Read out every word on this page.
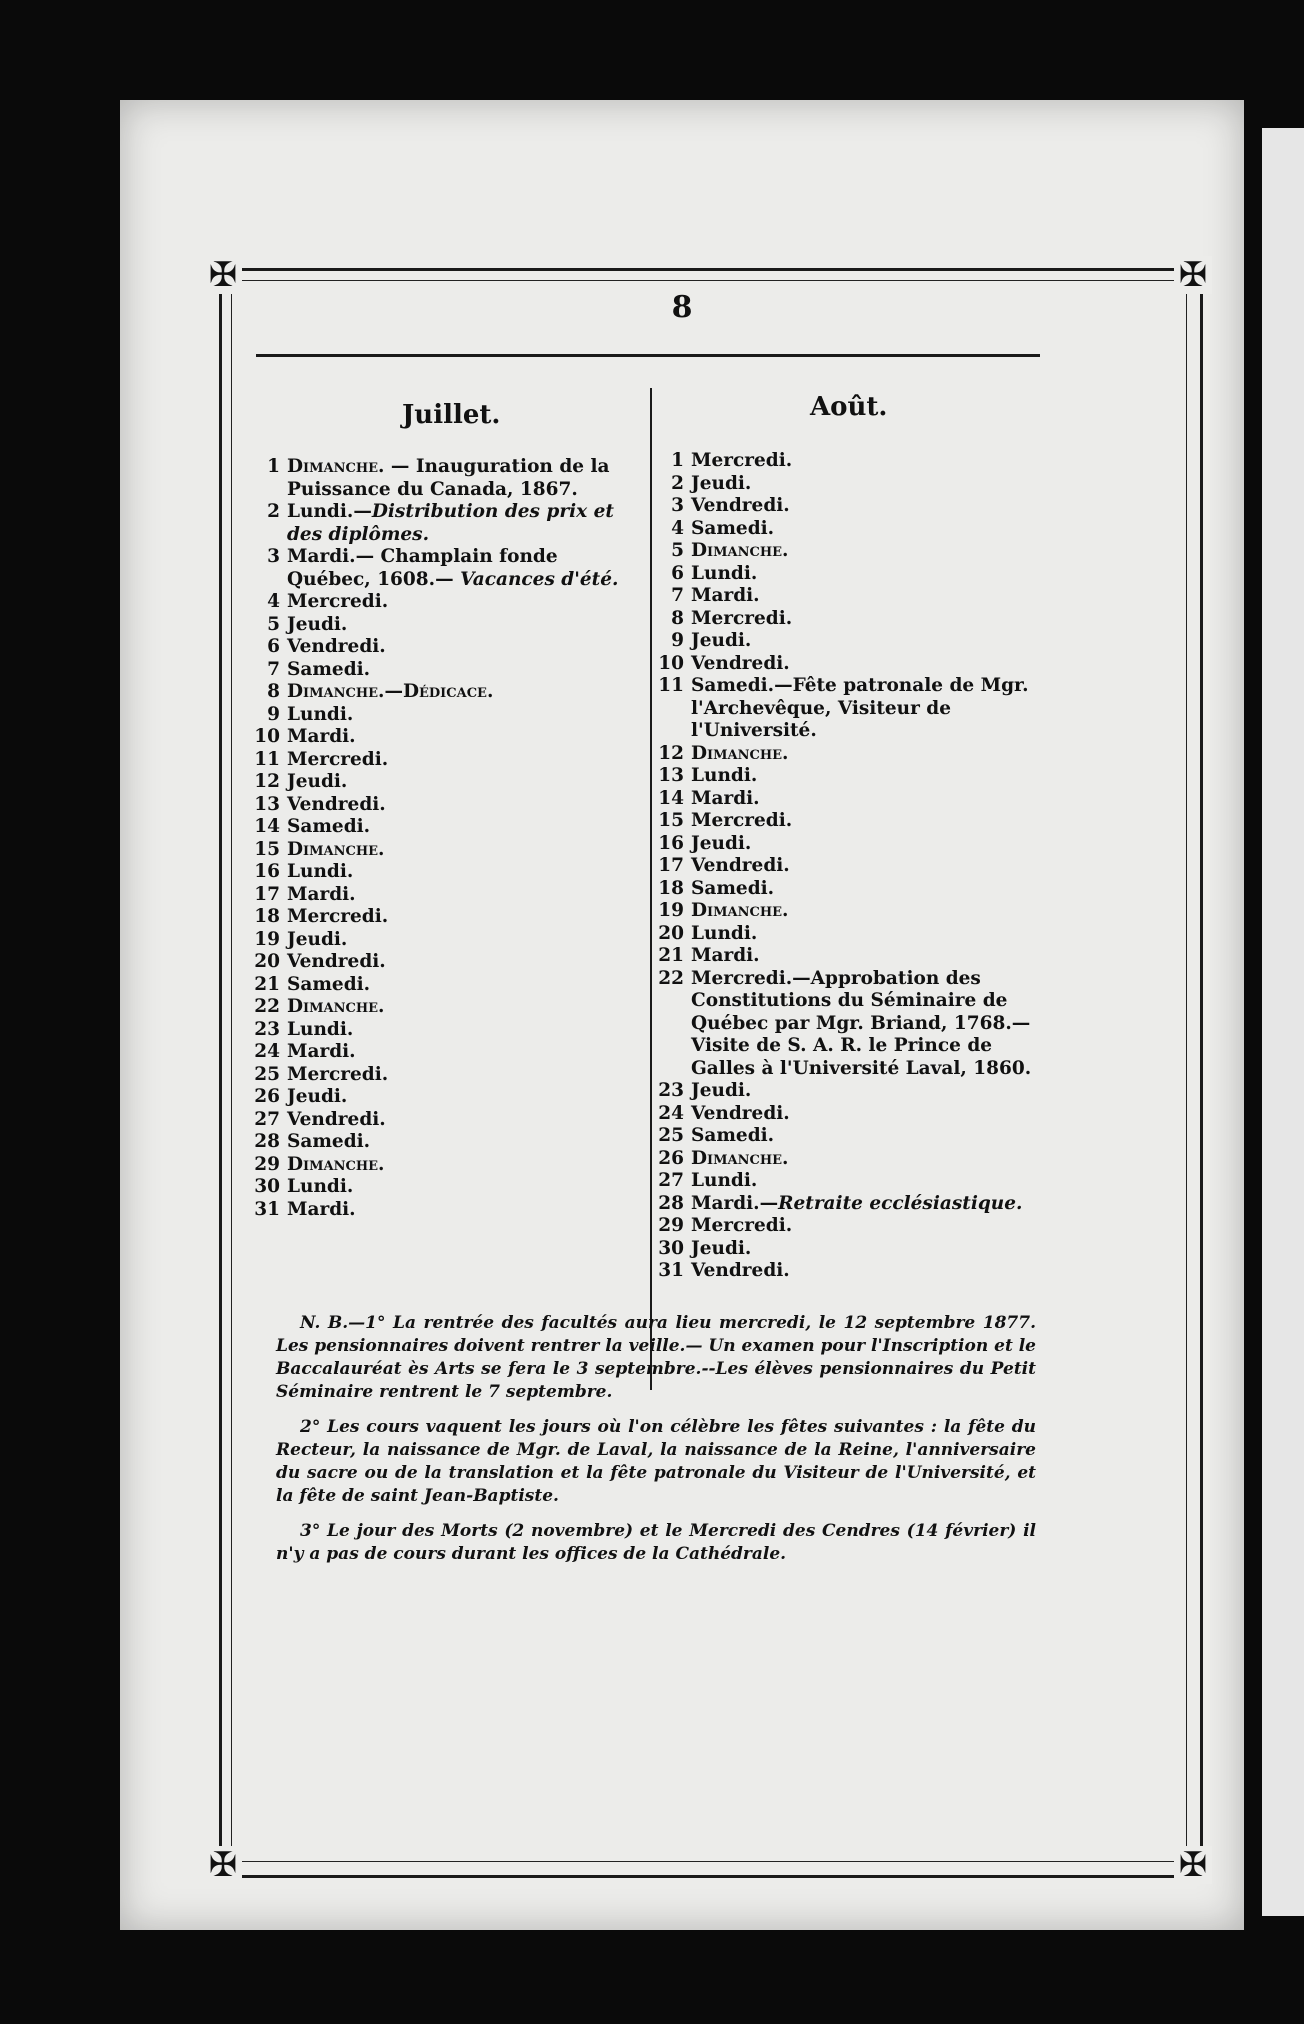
✠	✠
✠	✠
8
Juillet.	Août.
1 Dimanche. — Inauguration de la Puissance du Canada, 1867.
2 Lundi.—Distribution des prix et des diplômes.
3 Mardi.— Champlain fonde Québec, 1608.— Vacances d'été.
4 Mercredi.
5 Jeudi.
6 Vendredi.
7 Samedi.
8 Dimanche.—Dédicace.
9 Lundi.
10 Mardi.
11 Mercredi.
12 Jeudi.
13 Vendredi.
14 Samedi.
15 Dimanche.
16 Lundi.
17 Mardi.
18 Mercredi.
19 Jeudi.
20 Vendredi.
21 Samedi.
22 Dimanche.
23 Lundi.
24 Mardi.
25 Mercredi.
26 Jeudi.
27 Vendredi.
28 Samedi.
29 Dimanche.
30 Lundi.
31 Mardi.
1 Mercredi.
2 Jeudi.
3 Vendredi.
4 Samedi.
5 Dimanche.
6 Lundi.
7 Mardi.
8 Mercredi.
9 Jeudi.
10 Vendredi.
11 Samedi.—Fête patronale de Mgr. l'Archevêque, Visiteur de l'Université.
12 Dimanche.
13 Lundi.
14 Mardi.
15 Mercredi.
16 Jeudi.
17 Vendredi.
18 Samedi.
19 Dimanche.
20 Lundi.
21 Mardi.
22 Mercredi.—Approbation des Constitutions du Séminaire de Québec par Mgr. Briand, 1768.—Visite de S. A. R. le Prince de Galles à l'Université Laval, 1860.
23 Jeudi.
24 Vendredi.
25 Samedi.
26 Dimanche.
27 Lundi.
28 Mardi.—Retraite ecclésiastique.
29 Mercredi.
30 Jeudi.
31 Vendredi.

N. B.—1° La rentrée des facultés aura lieu mercredi, le 12 septembre 1877. Les pensionnaires doivent rentrer la veille.— Un examen pour l'Inscription et le Baccalauréat ès Arts se fera le 3 septembre.--Les élèves pensionnaires du Petit Séminaire rentrent le 7 septembre.

2° Les cours vaquent les jours où l'on célèbre les fêtes suivantes : la fête du Recteur, la naissance de Mgr. de Laval, la naissance de la Reine, l'anniversaire du sacre ou de la translation et la fête patronale du Visiteur de l'Université, et la fête de saint Jean-Baptiste.

3° Le jour des Morts (2 novembre) et le Mercredi des Cendres (14 février) il n'y a pas de cours durant les offices de la Cathédrale.
